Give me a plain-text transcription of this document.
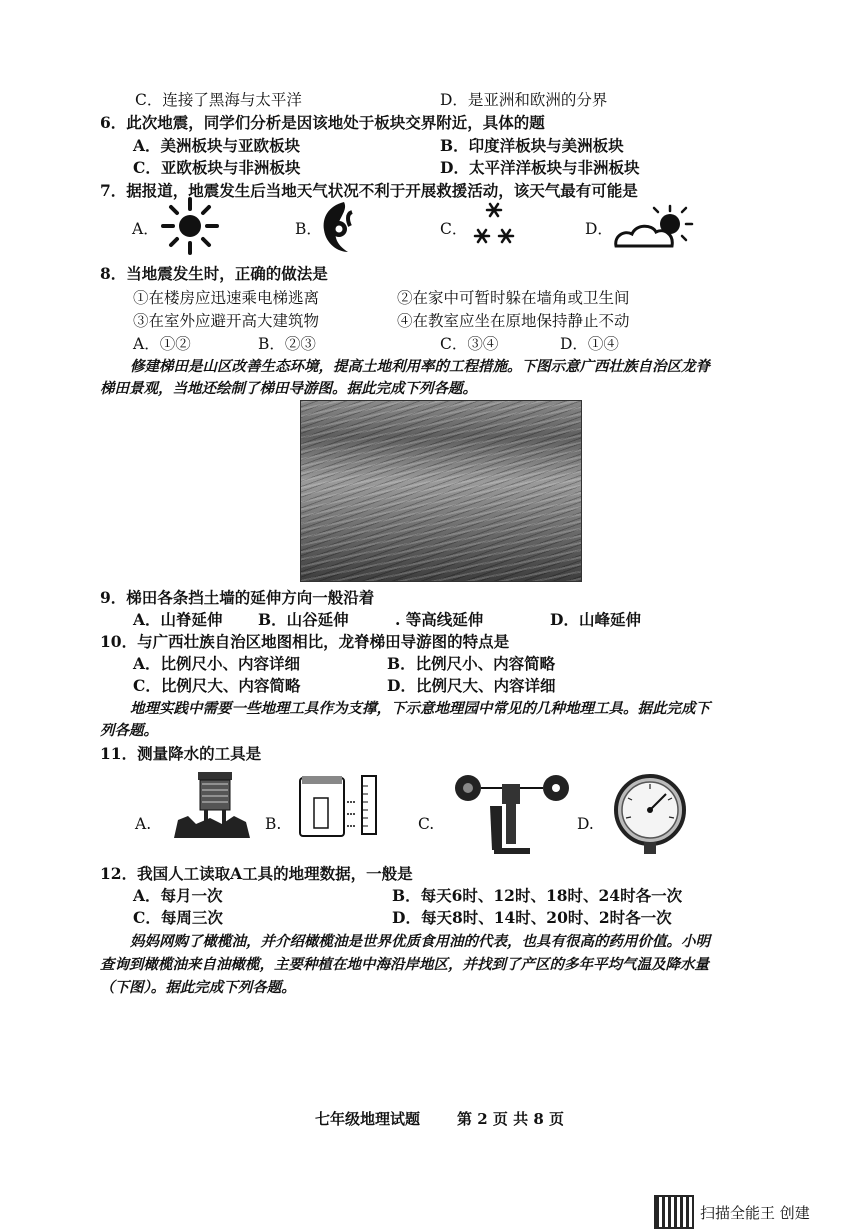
C．连接了黑海与太平洋	D．是亚洲和欧洲的分界
6．此次地震，同学们分析是因该地处于板块交界附近，具体的题
A．美洲板块与亚欧板块	B．印度洋板块与美洲板块
C．亚欧板块与非洲板块	D．太平洋洋板块与非洲板块
7．据报道，地震发生后当地天气状况不利于开展救援活动，该天气最有可能是
A．	B．	C．	D．
8．当地震发生时，正确的做法是
①在楼房应迅速乘电梯逃离	②在家中可暂时躲在墙角或卫生间
③在室外应避开高大建筑物	④在教室应坐在原地保持静止不动
A．①②	B．②③	C．③④	D．①④
修建梯田是山区改善生态环境，提高土地利用率的工程措施。下图示意广西壮族自治区龙脊
梯田景观，当地还绘制了梯田导游图。据此完成下列各题。
9．梯田各条挡土墙的延伸方向一般沿着
A．山脊延伸 B．山谷延伸	. 等高线延伸	D．山峰延伸
10．与广西壮族自治区地图相比，龙脊梯田导游图的特点是
A．比例尺小、内容详细	B．比例尺小、内容简略
C．比例尺大、内容简略	D．比例尺大、内容详细
地理实践中需要一些地理工具作为支撑，下示意地理园中常见的几种地理工具。据此完成下
列各题。
11．测量降水的工具是
A.	B.	C.	D.
12．我国人工读取A工具的地理数据，一般是
A．每月一次	B．每天6时、12时、18时、24时各一次
C．每周三次	D．每天8时、14时、20时、2时各一次
妈妈网购了橄榄油，并介绍橄榄油是世界优质食用油的代表，也具有很高的药用价值。小明
查询到橄榄油来自油橄榄，主要种植在地中海沿岸地区，并找到了产区的多年平均气温及降水量
（下图）。据此完成下列各题。
七年级地理试题 第 2 页 共 8 页
扫描全能王 创建
